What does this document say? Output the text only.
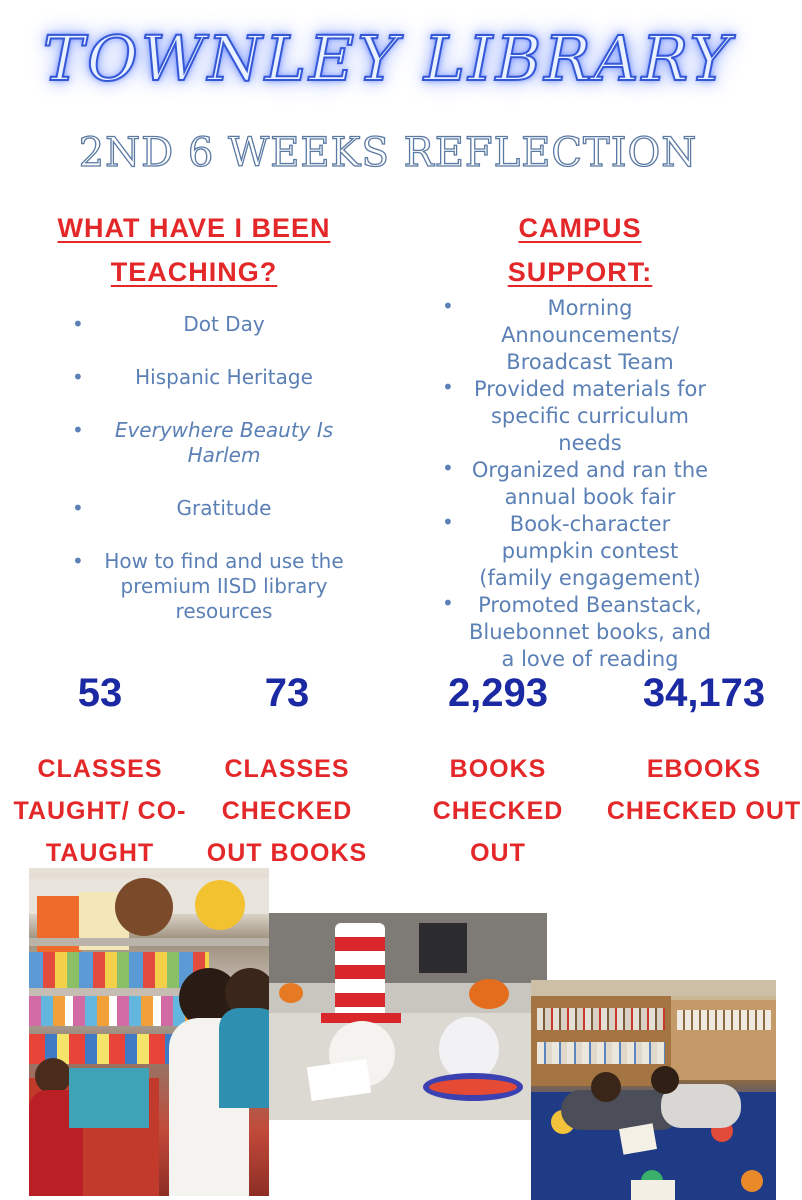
TOWNLEY LIBRARY
2ND 6 WEEKS REFLECTION
WHAT HAVE I BEEN
TEACHING?
CAMPUS
SUPPORT:
• Dot Day
• Hispanic Heritage
• Everywhere Beauty Is Harlem
• Gratitude
• How to find and use the premium IISD library resources
• Morning Announcements/ Broadcast Team
• Provided materials for specific curriculum needs
• Organized and ran the annual book fair
• Book-character pumpkin contest (family engagement)
• Promoted Beanstack, Bluebonnet books, and a love of reading
53
CLASSES TAUGHT/ CO-TAUGHT
73
CLASSES CHECKED OUT BOOKS
2,293
BOOKS CHECKED OUT
34,173
EBOOKS CHECKED OUT
